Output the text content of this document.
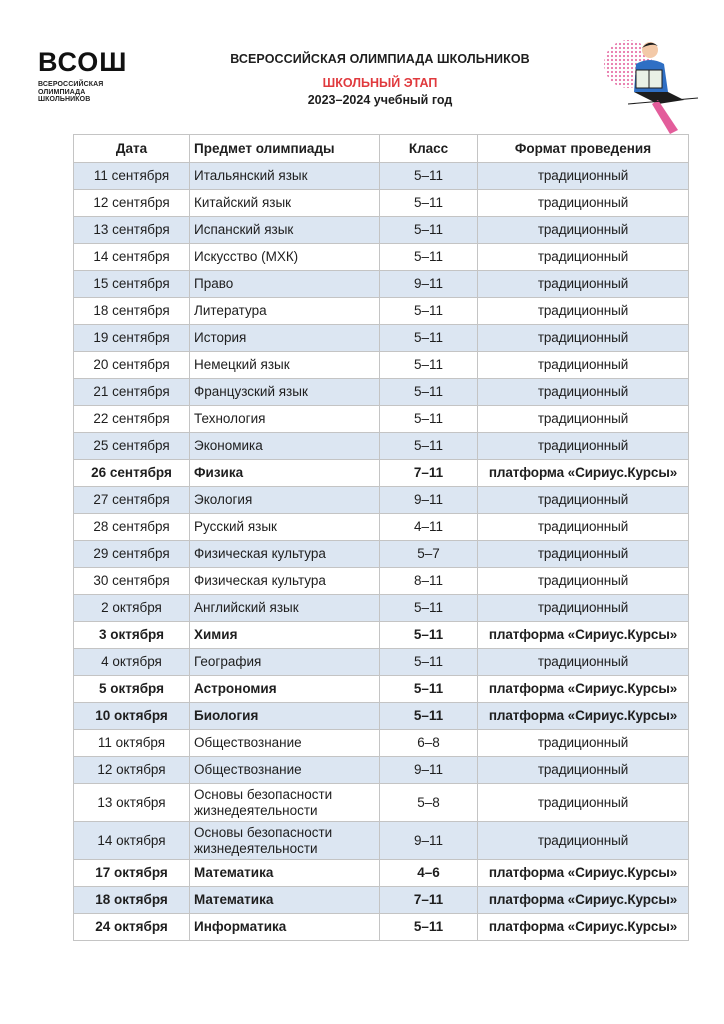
ВСОШ
ВСЕРОССИЙСКАЯ
ОЛИМПИАДА
ШКОЛЬНИКОВ
ВСЕРОССИЙСКАЯ ОЛИМПИАДА ШКОЛЬНИКОВ
ШКОЛЬНЫЙ ЭТАП
2023–2024 учебный год
Дата	Предмет олимпиады	Класс	Формат проведения
11 сентября	Итальянский язык	5–11	традиционный
12 сентября	Китайский язык	5–11	традиционный
13 сентября	Испанский язык	5–11	традиционный
14 сентября	Искусство (МХК)	5–11	традиционный
15 сентября	Право	9–11	традиционный
18 сентября	Литература	5–11	традиционный
19 сентября	История	5–11	традиционный
20 сентября	Немецкий язык	5–11	традиционный
21 сентября	Французский язык	5–11	традиционный
22 сентября	Технология	5–11	традиционный
25 сентября	Экономика	5–11	традиционный
26 сентября	Физика	7–11	платформа «Сириус.Курсы»
27 сентября	Экология	9–11	традиционный
28 сентября	Русский язык	4–11	традиционный
29 сентября	Физическая культура	5–7	традиционный
30 сентября	Физическая культура	8–11	традиционный
2 октября	Английский язык	5–11	традиционный
3 октября	Химия	5–11	платформа «Сириус.Курсы»
4 октября	География	5–11	традиционный
5 октября	Астрономия	5–11	платформа «Сириус.Курсы»
10 октября	Биология	5–11	платформа «Сириус.Курсы»
11 октября	Обществознание	6–8	традиционный
12 октября	Обществознание	9–11	традиционный
13 октября	Основы безопасности жизнедеятельности	5–8	традиционный
14 октября	Основы безопасности жизнедеятельности	9–11	традиционный
17 октября	Математика	4–6	платформа «Сириус.Курсы»
18 октября	Математика	7–11	платформа «Сириус.Курсы»
24 октября	Информатика	5–11	платформа «Сириус.Курсы»
